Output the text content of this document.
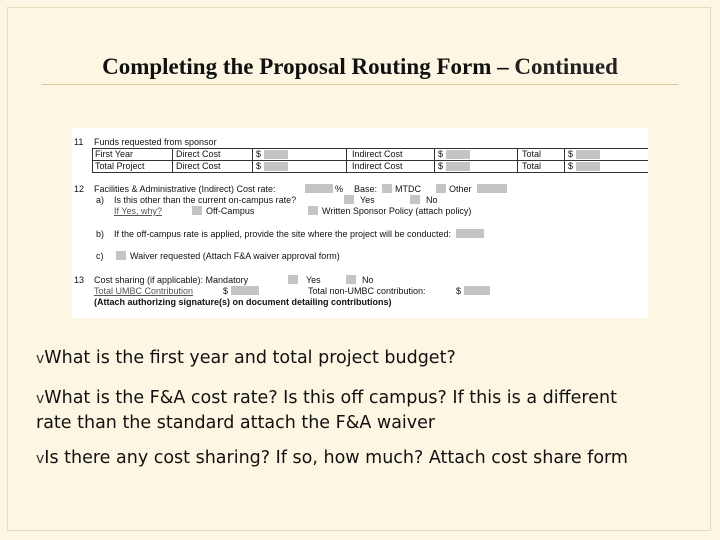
Completing the Proposal Routing Form – Continued
11 Funds requested from sponsor
First Year	Direct Cost	$	Indirect Cost	$	Total	$
Total Project	Direct Cost	$	Indirect Cost	$	Total	$
12 Facilities & Administrative (Indirect) Cost rate:	% Base: MTDC	Other
a) Is this other than the current on-campus rate?	Yes	No
If Yes, why?	Off-Campus	Written Sponsor Policy (attach policy)
b) If the off-campus rate is applied, provide the site where the project will be conducted:
c)	Waiver requested (Attach F&A waiver approval form)
13 Cost sharing (if applicable): Mandatory	Yes	No
Total UMBC Contribution	$	Total non-UMBC contribution:	$
(Attach authorizing signature(s) on document detailing contributions)
vWhat is the first year and total project budget?
vWhat is the F&A cost rate? Is this off campus? If this is a different rate than the standard attach the F&A waiver
vIs there any cost sharing? If so, how much? Attach cost share form
